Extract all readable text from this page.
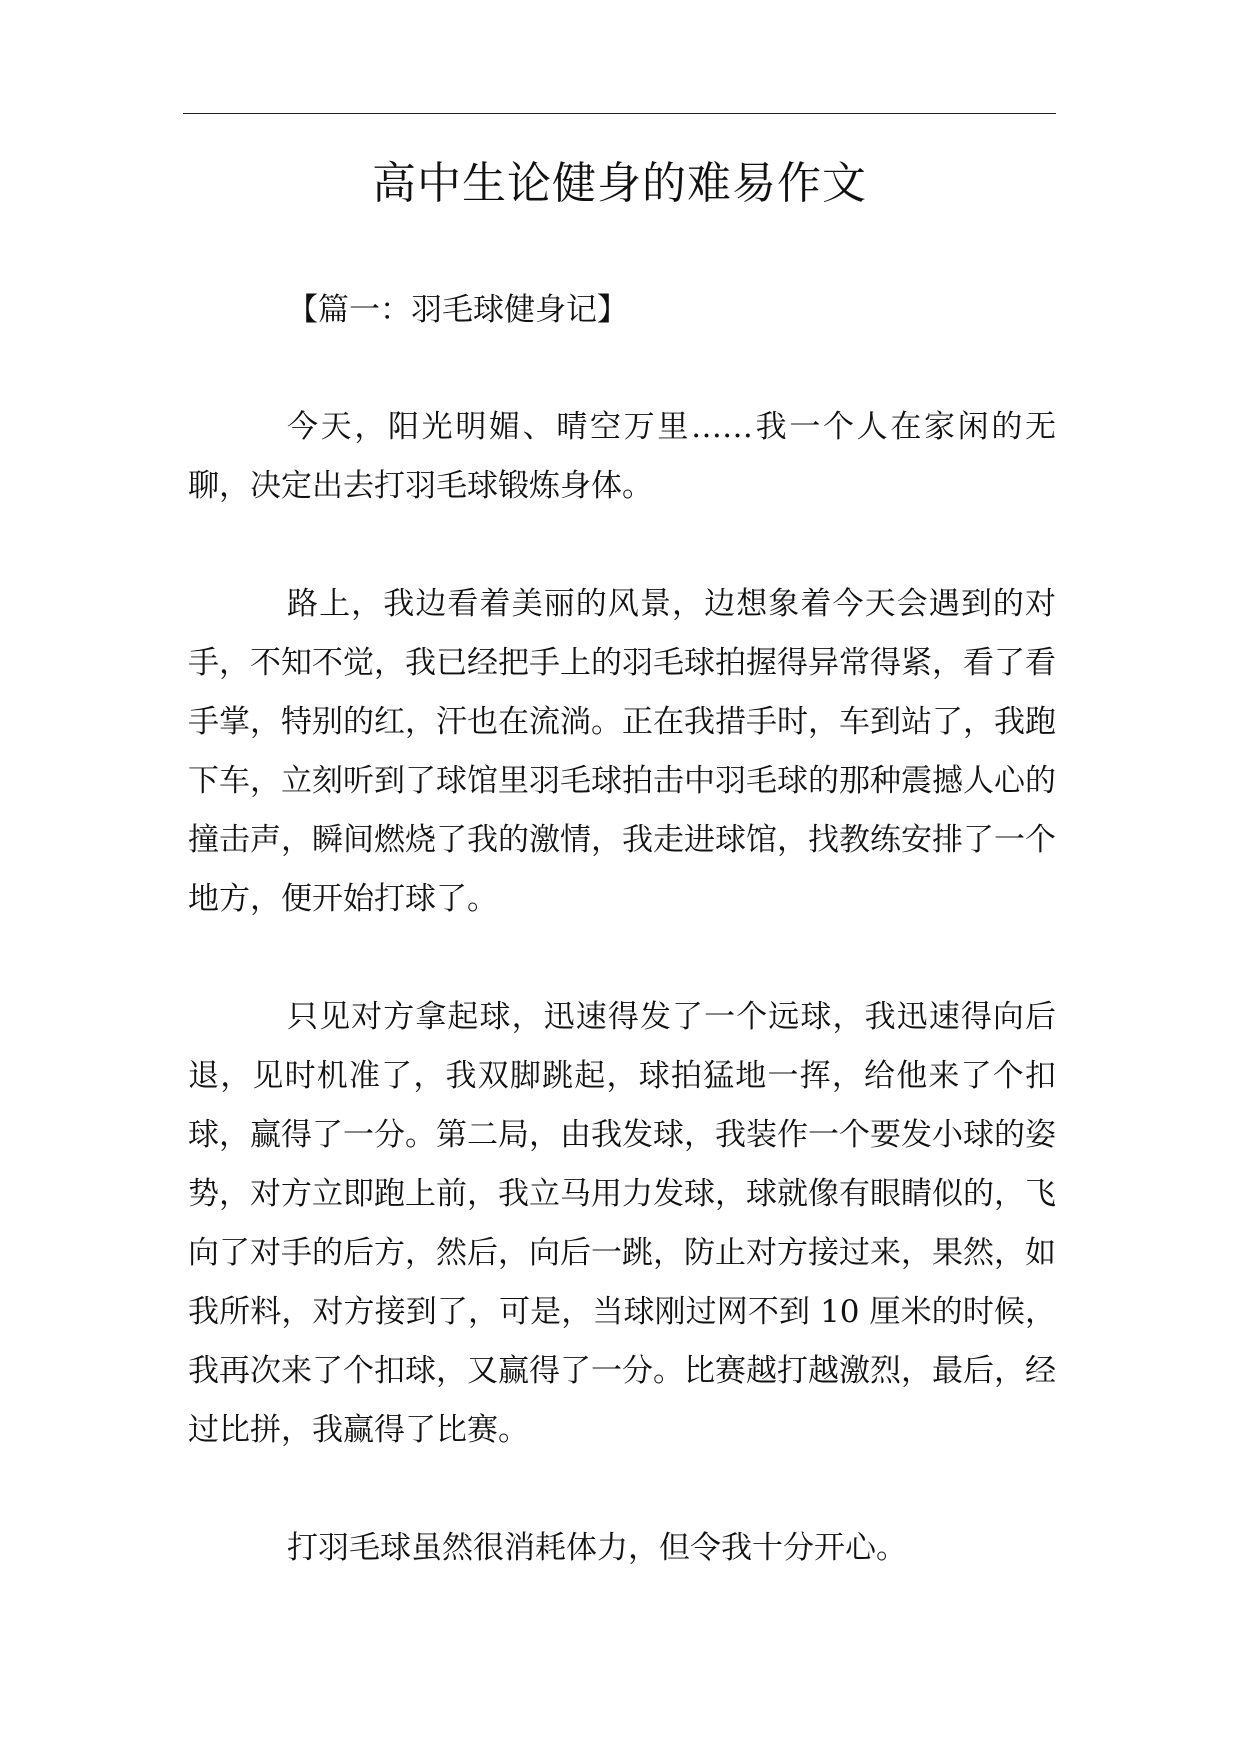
高中生论健身的难易作文
【篇一：羽毛球健身记】

今天，阳光明媚、晴空万里……我一个人在家闲的无聊，决定出去打羽毛球锻炼身体。

路上，我边看着美丽的风景，边想象着今天会遇到的对手，不知不觉，我已经把手上的羽毛球拍握得异常得紧，看了看手掌，特别的红，汗也在流淌。正在我措手时，车到站了，我跑下车，立刻听到了球馆里羽毛球拍击中羽毛球的那种震撼人心的撞击声，瞬间燃烧了我的激情，我走进球馆，找教练安排了一个地方，便开始打球了。

只见对方拿起球，迅速得发了一个远球，我迅速得向后退，见时机准了，我双脚跳起，球拍猛地一挥，给他来了个扣球，赢得了一分。第二局，由我发球，我装作一个要发小球的姿势，对方立即跑上前，我立马用力发球，球就像有眼睛似的，飞向了对手的后方，然后，向后一跳，防止对方接过来，果然，如我所料，对方接到了，可是，当球刚过网不到 10 厘米的时候，我再次来了个扣球，又赢得了一分。比赛越打越激烈，最后，经过比拼，我赢得了比赛。

打羽毛球虽然很消耗体力，但令我十分开心。
